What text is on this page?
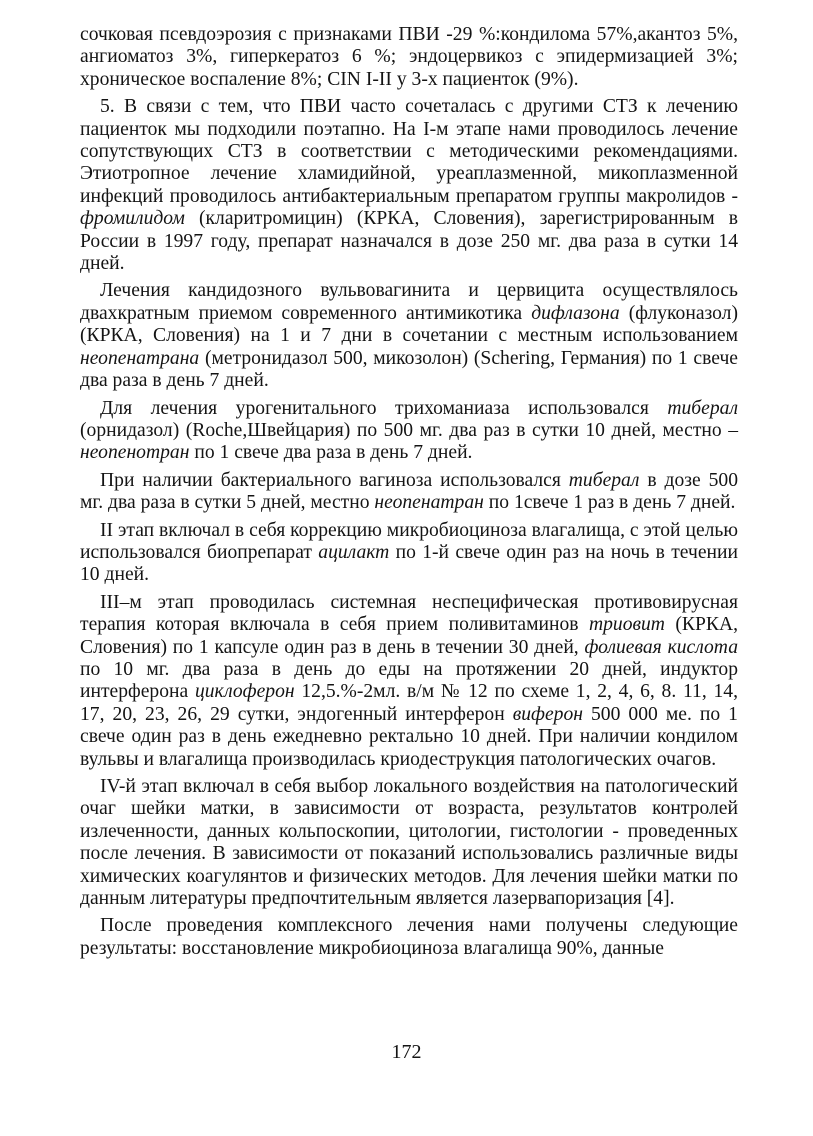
сочковая псевдоэрозия с признаками ПВИ -29 %:кондилома 57%,акантоз 5%, ангиоматоз 3%, гиперкератоз 6 %; эндоцервикоз с эпидермизацией 3%; хроническое воспаление 8%; CIN I-II у 3-х пациенток (9%).

5. В связи с тем, что ПВИ часто сочеталась с другими СТЗ к лечению пациенток мы подходили поэтапно. На I-м этапе нами проводилось лечение сопутствующих СТЗ в соответствии с методическими рекомендациями. Этиотропное лечение хламидийной, уреаплазменной, микоплазменной инфекций проводилось антибактериальным препаратом группы макролидов - фромилидом (кларитромицин) (КРКА, Словения), зарегистрированным в России в 1997 году, препарат назначался в дозе 250 мг. два раза в сутки 14 дней.

Лечения кандидозного вульвовагинита и цервицита осуществлялось двахкратным приемом современного антимикотика дифлазона (флуконазол) (КРКА, Словения) на 1 и 7 дни в сочетании с местным использованием неопенатрана (метронидазол 500, микозолон) (Schering, Германия) по 1 свече два раза в день 7 дней.

Для лечения урогенитального трихоманиаза использовался тиберал (орнидазол) (Roche,Швейцария) по 500 мг. два раз в сутки 10 дней, местно – неопенотран по 1 свече два раза в день 7 дней.

При наличии бактериального вагиноза использовался тиберал в дозе 500 мг. два раза в сутки 5 дней, местно неопенатран по 1свече 1 раз в день 7 дней.

II этап включал в себя коррекцию микробиоциноза влагалища, с этой целью использовался биопрепарат ацилакт по 1-й свече один раз на ночь в течении 10 дней.

III–м этап проводилась системная неспецифическая противовирусная терапия которая включала в себя прием поливитаминов триовит (КРКА, Словения) по 1 капсуле один раз в день в течении 30 дней, фолиевая кислота по 10 мг. два раза в день до еды на протяжении 20 дней, индуктор интерферона циклоферон 12,5.%-2мл. в/м № 12 по схеме 1, 2, 4, 6, 8. 11, 14, 17, 20, 23, 26, 29 сутки, эндогенный интерферон виферон 500 000 ме. по 1 свече один раз в день ежедневно ректально 10 дней. При наличии кондилом вульвы и влагалища производилась криодеструкция патологических очагов.

IV-й этап включал в себя выбор локального воздействия на патологический очаг шейки матки, в зависимости от возраста, результатов контролей излеченности, данных кольпоскопии, цитологии, гистологии - проведенных после лечения. В зависимости от показаний использовались различные виды химических коагулянтов и физических методов. Для лечения шейки матки по данным литературы предпочтительным является лазервапоризация [4].

После проведения комплексного лечения нами получены следующие результаты: восстановление микробиоциноза влагалища 90%, данные

172
